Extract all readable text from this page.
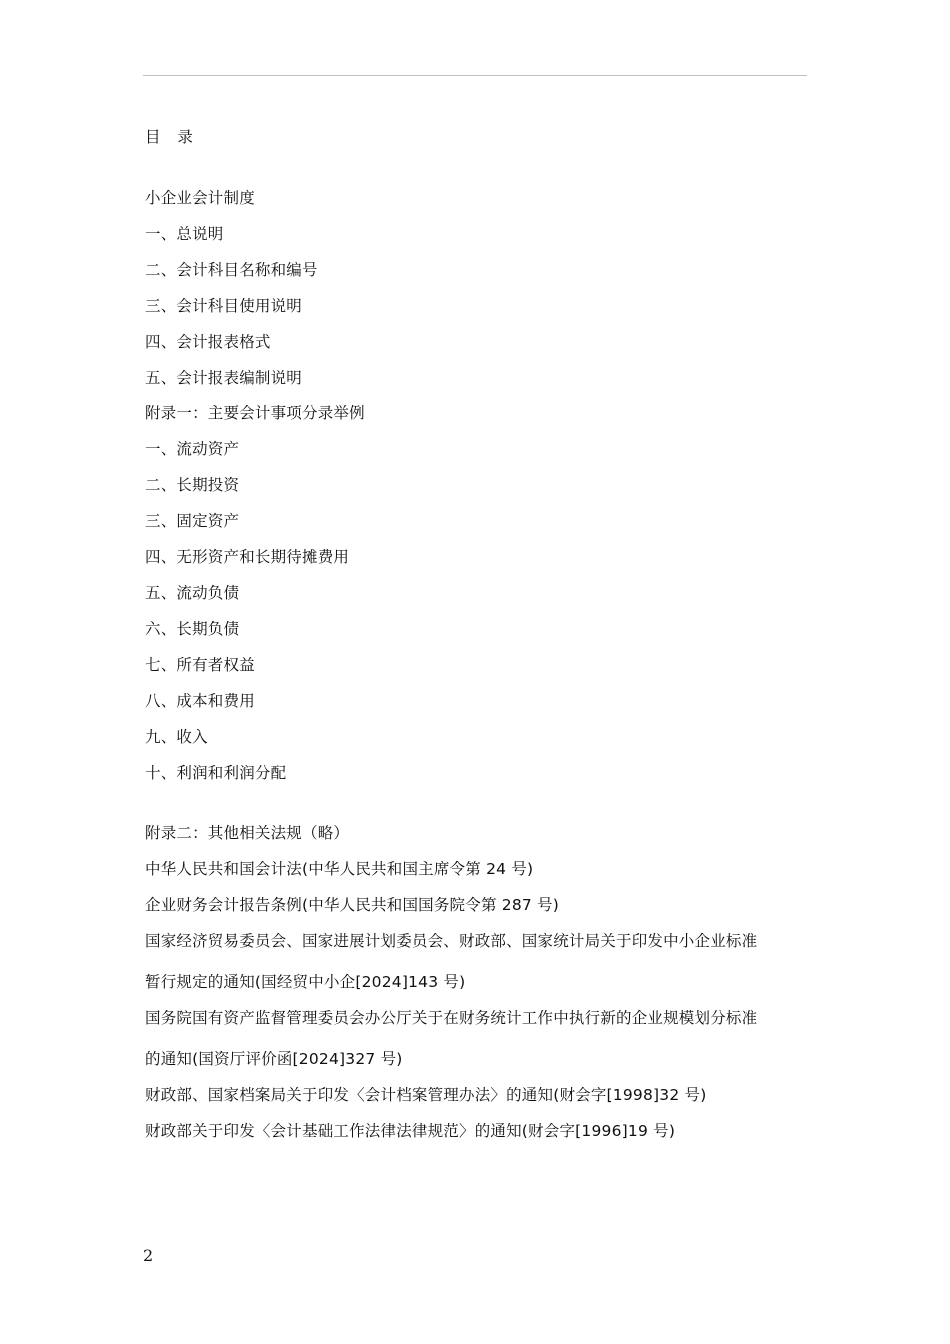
目 录
小企业会计制度
一、总说明
二、会计科目名称和编号
三、会计科目使用说明
四、会计报表格式
五、会计报表编制说明
附录一：主要会计事项分录举例
一、流动资产
二、长期投资
三、固定资产
四、无形资产和长期待摊费用
五、流动负债
六、长期负债
七、所有者权益
八、成本和费用
九、收入
十、利润和利润分配
附录二：其他相关法规（略）
中华人民共和国会计法(中华人民共和国主席令第 24 号)
企业财务会计报告条例(中华人民共和国国务院令第 287 号)
国家经济贸易委员会、国家进展计划委员会、财政部、国家统计局关于印发中小企业标准
暂行规定的通知(国经贸中小企[2024]143 号)
国务院国有资产监督管理委员会办公厅关于在财务统计工作中执行新的企业规模划分标准
的通知(国资厅评价函[2024]327 号)
财政部、国家档案局关于印发〈会计档案管理办法〉的通知(财会字[1998]32 号)
财政部关于印发〈会计基础工作法律法律规范〉的通知(财会字[1996]19 号)
2
